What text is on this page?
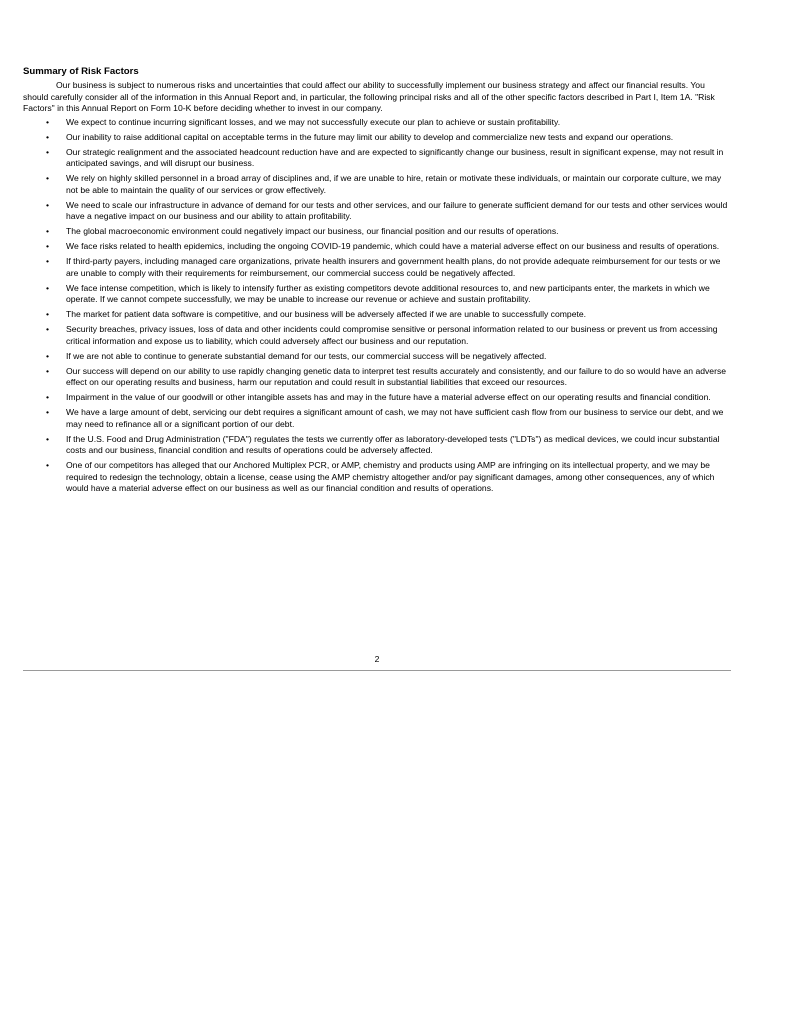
Summary of Risk Factors

Our business is subject to numerous risks and uncertainties that could affect our ability to successfully implement our business strategy and affect our financial results. You should carefully consider all of the information in this Annual Report and, in particular, the following principal risks and all of the other specific factors described in Part I, Item 1A. "Risk Factors" in this Annual Report on Form 10-K before deciding whether to invest in our company.

• We expect to continue incurring significant losses, and we may not successfully execute our plan to achieve or sustain profitability.
• Our inability to raise additional capital on acceptable terms in the future may limit our ability to develop and commercialize new tests and expand our operations.
• Our strategic realignment and the associated headcount reduction have and are expected to significantly change our business, result in significant expense, may not result in anticipated savings, and will disrupt our business.
• We rely on highly skilled personnel in a broad array of disciplines and, if we are unable to hire, retain or motivate these individuals, or maintain our corporate culture, we may not be able to maintain the quality of our services or grow effectively.
• We need to scale our infrastructure in advance of demand for our tests and other services, and our failure to generate sufficient demand for our tests and other services would have a negative impact on our business and our ability to attain profitability.
• The global macroeconomic environment could negatively impact our business, our financial position and our results of operations.
• We face risks related to health epidemics, including the ongoing COVID-19 pandemic, which could have a material adverse effect on our business and results of operations.
• If third-party payers, including managed care organizations, private health insurers and government health plans, do not provide adequate reimbursement for our tests or we are unable to comply with their requirements for reimbursement, our commercial success could be negatively affected.
• We face intense competition, which is likely to intensify further as existing competitors devote additional resources to, and new participants enter, the markets in which we operate. If we cannot compete successfully, we may be unable to increase our revenue or achieve and sustain profitability.
• The market for patient data software is competitive, and our business will be adversely affected if we are unable to successfully compete.
• Security breaches, privacy issues, loss of data and other incidents could compromise sensitive or personal information related to our business or prevent us from accessing critical information and expose us to liability, which could adversely affect our business and our reputation.
• If we are not able to continue to generate substantial demand for our tests, our commercial success will be negatively affected.
• Our success will depend on our ability to use rapidly changing genetic data to interpret test results accurately and consistently, and our failure to do so would have an adverse effect on our operating results and business, harm our reputation and could result in substantial liabilities that exceed our resources.
• Impairment in the value of our goodwill or other intangible assets has and may in the future have a material adverse effect on our operating results and financial condition.
• We have a large amount of debt, servicing our debt requires a significant amount of cash, we may not have sufficient cash flow from our business to service our debt, and we may need to refinance all or a significant portion of our debt.
• If the U.S. Food and Drug Administration ("FDA") regulates the tests we currently offer as laboratory-developed tests ("LDTs") as medical devices, we could incur substantial costs and our business, financial condition and results of operations could be adversely affected.
• One of our competitors has alleged that our Anchored Multiplex PCR, or AMP, chemistry and products using AMP are infringing on its intellectual property, and we may be required to redesign the technology, obtain a license, cease using the AMP chemistry altogether and/or pay significant damages, among other consequences, any of which would have a material adverse effect on our business as well as our financial condition and results of operations.
2
